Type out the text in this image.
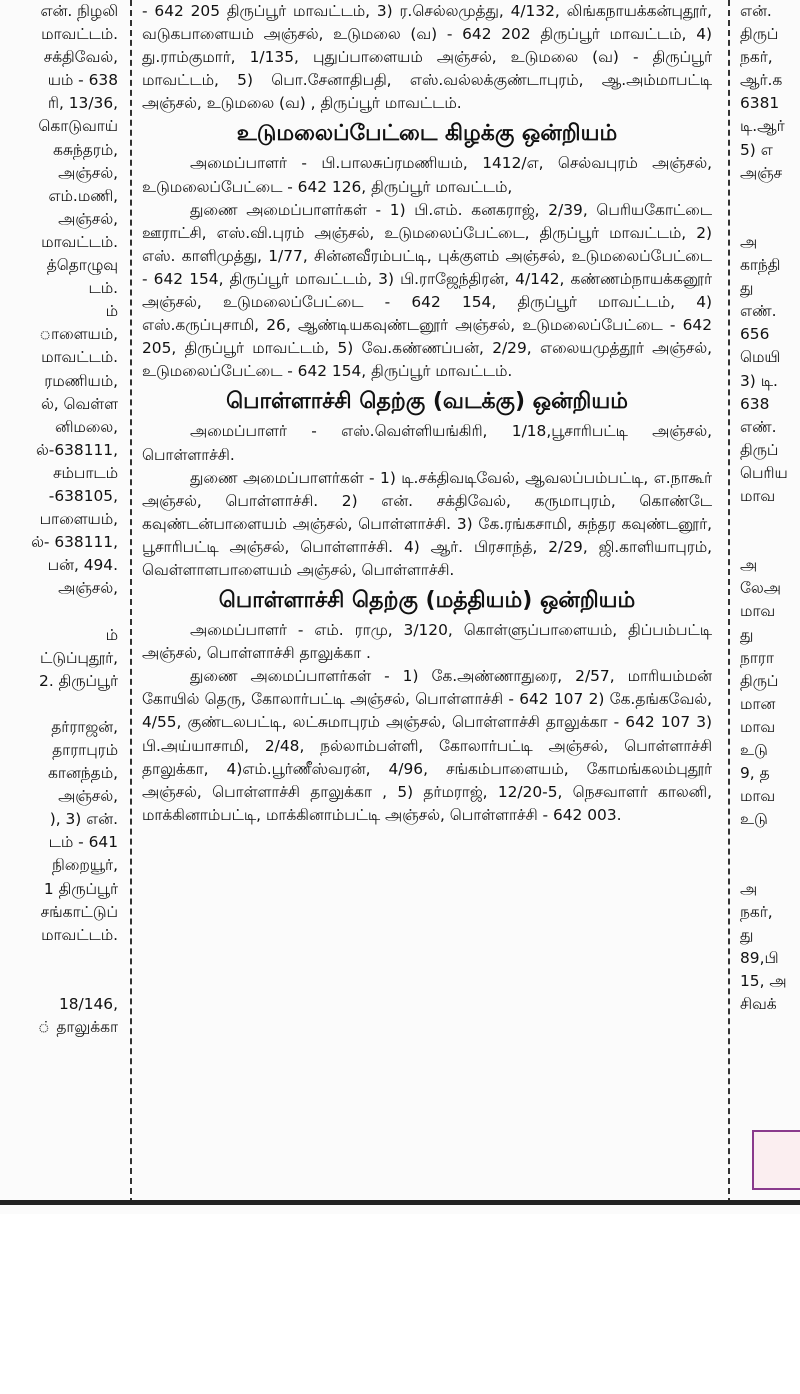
என். நிழலி
மாவட்டம்.
சக்திவேல்,
யம் - 638
ரி, 13/36,
கொடுவாய்
கசுந்தரம்,
அஞ்சல்,
எம்.மணி,
அஞ்சல்,
மாவட்டம்.
த்தொழுவு
டம்.
ம்
ாளையம்,
மாவட்டம்.
ரமணியம்,
ல், வெள்ள
னிமலை,
ல்-638111,
சம்பாடம்
-638105,
பாளையம்,
ல்- 638111,
பன், 494.
அஞ்சல்,

ம்
ட்டுப்புதூர்,
2. திருப்பூர்

தர்ராஜன்,
தாராபுரம்
கானந்தம்,
அஞ்சல்,
), 3) என்.
டம் - 641
நிறையூர்,
1 திருப்பூர்
சங்காட்டுப்
மாவட்டம்.

18/146,
் தாலுக்கா

- 642 205 திருப்பூர் மாவட்டம், 3) ர.செல்லமுத்து, 4/132, லிங்கநாயக்கன்புதூர், வடுகபாளையம் அஞ்சல், உடுமலை (வ) - 642 202 திருப்பூர் மாவட்டம், 4) து.ராம்குமார், 1/135, புதுப்பாளையம் அஞ்சல், உடுமலை (வ) - திருப்பூர் மாவட்டம், 5) பொ.சேனாதிபதி, எஸ்.வல்லக்குண்டாபுரம், ஆ.அம்மாபட்டி அஞ்சல், உடுமலை (வ) , திருப்பூர் மாவட்டம்.

உடுமலைப்பேட்டை கிழக்கு ஒன்றியம்

அமைப்பாளர் - பி.பாலசுப்ரமணியம், 1412/எ, செல்வபுரம் அஞ்சல், உடுமலைப்பேட்டை - 642 126, திருப்பூர் மாவட்டம்,

துணை அமைப்பாளர்கள் - 1) பி.எம். கனகராஜ், 2/39, பெரியகோட்டை ஊராட்சி, எஸ்.வி.புரம் அஞ்சல், உடுமலைப்பேட்டை, திருப்பூர் மாவட்டம், 2) எஸ். காளிமுத்து, 1/77, சின்னவீரம்பட்டி, புக்குளம் அஞ்சல், உடுமலைப்பேட்டை - 642 154, திருப்பூர் மாவட்டம், 3) பி.ராஜேந்திரன், 4/142, கண்ணம்நாயக்கனூர் அஞ்சல், உடுமலைப்பேட்டை - 642 154, திருப்பூர் மாவட்டம், 4) எஸ்.கருப்புசாமி, 26, ஆண்டியகவுண்டனூர் அஞ்சல், உடுமலைப்பேட்டை - 642 205, திருப்பூர் மாவட்டம், 5) வே.கண்ணப்பன், 2/29, எலையமுத்தூர் அஞ்சல், உடுமலைப்பேட்டை - 642 154, திருப்பூர் மாவட்டம்.

பொள்ளாச்சி தெற்கு (வடக்கு) ஒன்றியம்

அமைப்பாளர் - எஸ்.வெள்ளியங்கிரி, 1/18,பூசாரிபட்டி அஞ்சல், பொள்ளாச்சி.

துணை அமைப்பாளர்கள் - 1) டி.சக்திவடிவேல், ஆவலப்பம்பட்டி, எ.நாகூர் அஞ்சல், பொள்ளாச்சி. 2) என். சக்திவேல், கருமாபுரம், கொண்டே கவுண்டன்பாளையம் அஞ்சல், பொள்ளாச்சி. 3) கே.ரங்கசாமி, சுந்தர கவுண்டனூர், பூசாரிபட்டி அஞ்சல், பொள்ளாச்சி. 4) ஆர். பிரசாந்த், 2/29, ஜி.காளியாபுரம், வெள்ளாளபாளையம் அஞ்சல், பொள்ளாச்சி.

பொள்ளாச்சி தெற்கு (மத்தியம்) ஒன்றியம்

அமைப்பாளர் - எம். ராமு, 3/120, கொள்ளுப்பாளையம், திப்பம்பட்டி அஞ்சல், பொள்ளாச்சி தாலுக்கா .

துணை அமைப்பாளர்கள் - 1) கே.அண்ணாதுரை, 2/57, மாரியம்மன் கோயில் தெரு, கோலார்பட்டி அஞ்சல், பொள்ளாச்சி - 642 107 2) கே.தங்கவேல், 4/55, குண்டலபட்டி, லட்சுமாபுரம் அஞ்சல், பொள்ளாச்சி தாலுக்கா - 642 107 3) பி.அய்யாசாமி, 2/48, நல்லாம்பள்ளி, கோலார்பட்டி அஞ்சல், பொள்ளாச்சி தாலுக்கா, 4)எம்.பூர்ணீஸ்வரன், 4/96, சங்கம்பாளையம், கோமங்கலம்புதூர் அஞ்சல், பொள்ளாச்சி தாலுக்கா , 5) தர்மராஜ், 12/20-5, நெசவாளர் காலனி, மாக்கினாம்பட்டி, மாக்கினாம்பட்டி அஞ்சல், பொள்ளாச்சி - 642 003.

என்.
திருப்
நகர்,
ஆர்.க
6381
டி.ஆர்
5) எ
அஞ்ச

அ
காந்தி
து
எண்.
656
மெயி
3) டி.
638
எண்.
திருப்
பெரிய
மாவ

அ
லேஅ
மாவ
து
நாரா
திருப்
மான
மாவ
உடு
9, த
மாவ
உடு

அ
நகர்,
து
89,பி
15, அ
சிவக்
